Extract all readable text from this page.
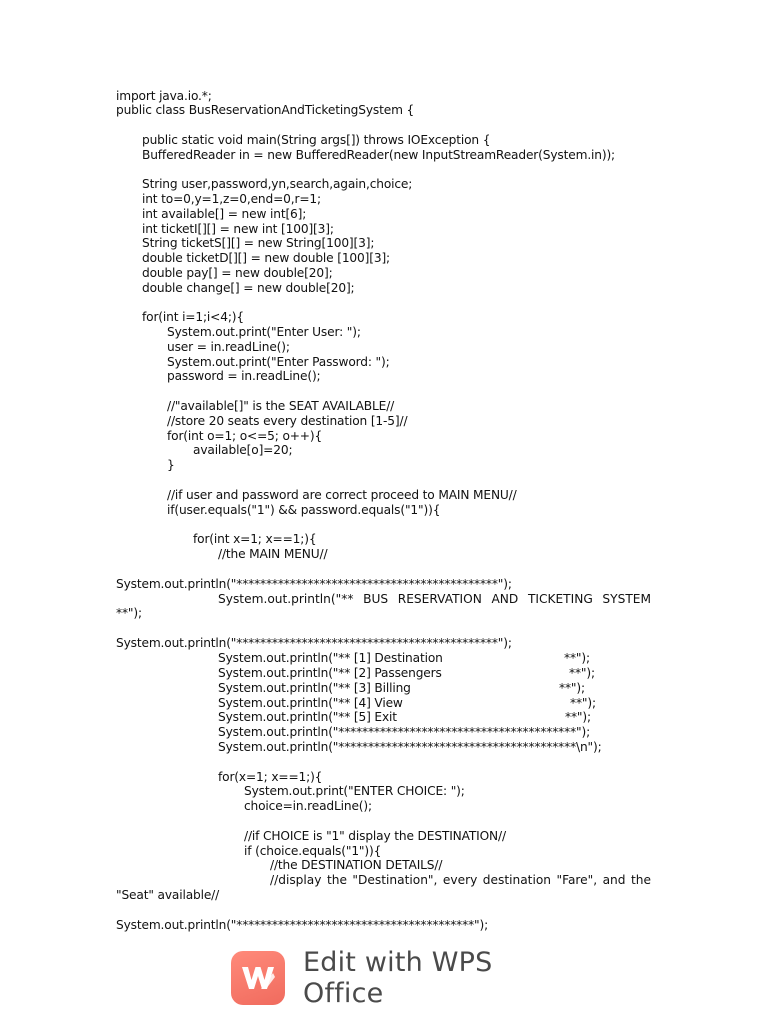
import java.io.*;
public class BusReservationAndTicketingSystem {
public static void main(String args[]) throws IOException {
BufferedReader in = new BufferedReader(new InputStreamReader(System.in));
String user,password,yn,search,again,choice;
int to=0,y=1,z=0,end=0,r=1;
int available[] = new int[6];
int ticketI[][] = new int [100][3];
String ticketS[][] = new String[100][3];
double ticketD[][] = new double [100][3];
double pay[] = new double[20];
double change[] = new double[20];
for(int i=1;i<4;){
System.out.print("Enter User: ");
user = in.readLine();
System.out.print("Enter Password: ");
password = in.readLine();
//"available[]" is the SEAT AVAILABLE//
//store 20 seats every destination [1-5]//
for(int o=1; o<=5; o++){
available[o]=20;
}
//if user and password are correct proceed to MAIN MENU//
if(user.equals("1") && password.equals("1")){
for(int x=1; x==1;){
//the MAIN MENU//
System.out.println("********************************************");
System.out.println("** BUS RESERVATION AND TICKETING SYSTEM
**");
System.out.println("********************************************");
System.out.println("** [1] Destination	**");
System.out.println("** [2] Passengers	**");
System.out.println("** [3] Billing	**");
System.out.println("** [4] View	**");
System.out.println("** [5] Exit	**");
System.out.println("****************************************");
System.out.println("****************************************\n");
for(x=1; x==1;){
System.out.print("ENTER CHOICE: ");
choice=in.readLine();
//if CHOICE is "1" display the DESTINATION//
if (choice.equals("1")){
//the DESTINATION DETAILS//
//display the "Destination", every destination "Fare", and the
"Seat" available//
System.out.println("****************************************");
Edit with WPS Office
